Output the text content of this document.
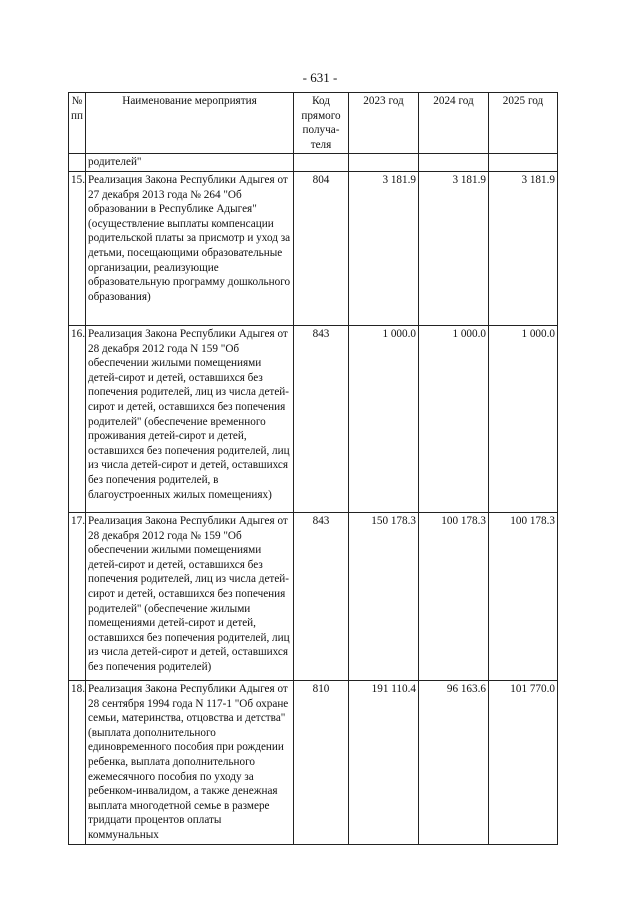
- 631 -
№ пп	Наименование мероприятия	Код прямого получа-теля	2023 год	2024 год	2025 год
	родителей"				
15.	Реализация Закона Республики Адыгея от 27 декабря 2013 года № 264 "Об образовании в Республике Адыгея" (осуществление выплаты компенсации родительской платы за присмотр и уход за детьми, посещающими образовательные организации, реализующие образовательную программу дошкольного образования)	804	3 181.9	3 181.9	3 181.9
16.	Реализация Закона Республики Адыгея от 28 декабря 2012 года N 159 "Об обеспечении жилыми помещениями детей-сирот и детей, оставшихся без попечения родителей, лиц из числа детей-сирот и детей, оставшихся без попечения родителей" (обеспечение временного проживания детей-сирот и детей, оставшихся без попечения родителей, лиц из числа детей-сирот и детей, оставшихся без попечения родителей, в благоустроенных жилых помещениях)	843	1 000.0	1 000.0	1 000.0
17.	Реализация Закона Республики Адыгея от 28 декабря 2012 года № 159 "Об обеспечении жилыми помещениями детей-сирот и детей, оставшихся без попечения родителей, лиц из числа детей-сирот и детей, оставшихся без попечения родителей" (обеспечение жилыми помещениями детей-сирот и детей, оставшихся без попечения родителей, лиц из числа детей-сирот и детей, оставшихся без попечения родителей)	843	150 178.3	100 178.3	100 178.3
18.	Реализация Закона Республики Адыгея от 28 сентября 1994 года N 117-1 "Об охране семьи, материнства, отцовства и детства" (выплата дополнительного единовременного пособия при рождении ребенка, выплата дополнительного ежемесячного пособия по уходу за ребенком-инвалидом, а также денежная выплата многодетной семье в размере тридцати процентов оплаты коммунальных	810	191 110.4	96 163.6	101 770.0
